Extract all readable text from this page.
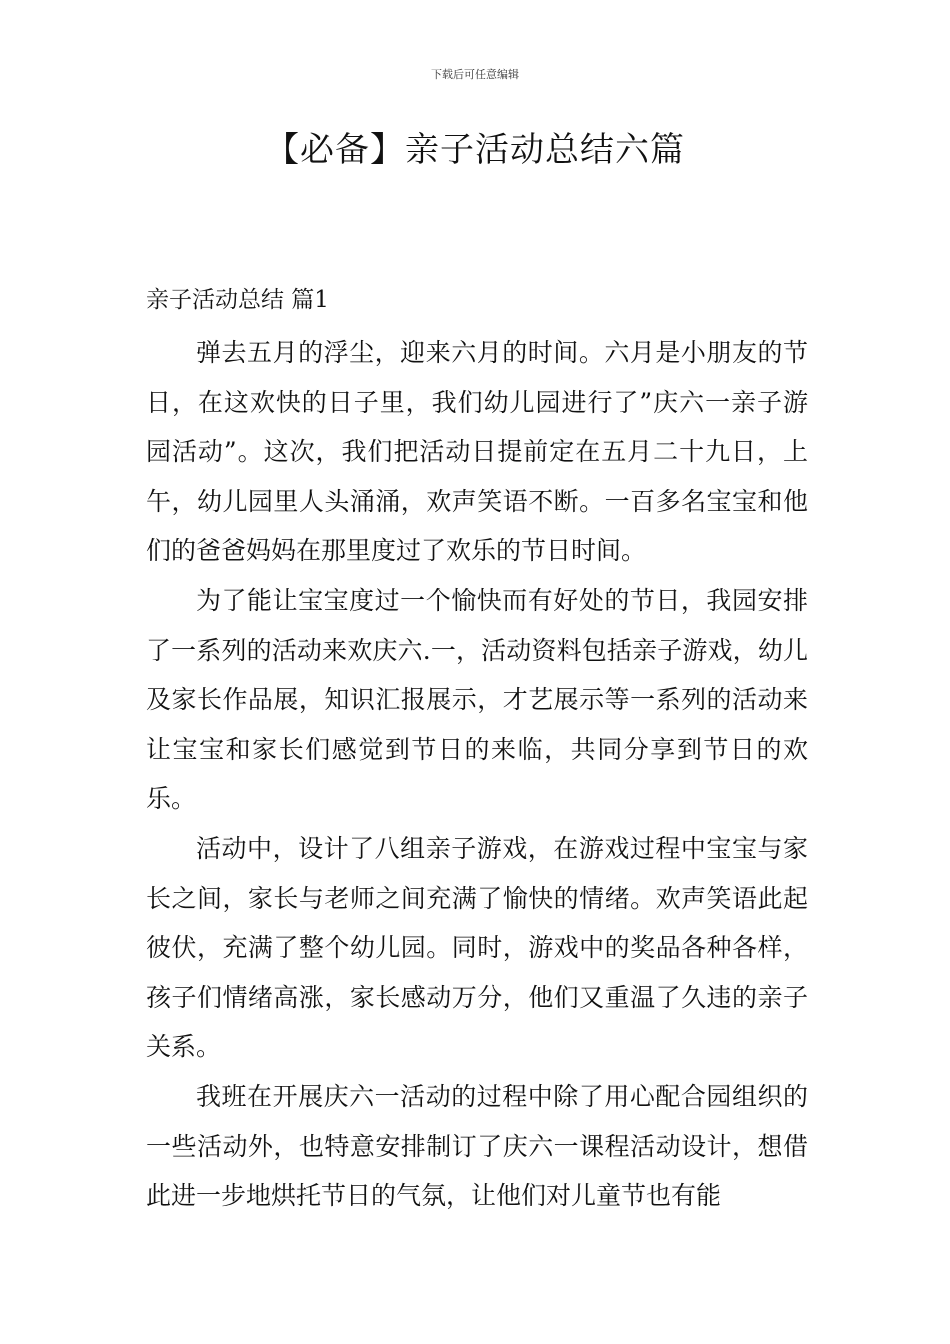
下载后可任意编辑
【必备】亲子活动总结六篇
亲子活动总结 篇1

弹去五月的浮尘，迎来六月的时间。六月是小朋友的节日，在这欢快的日子里，我们幼儿园进行了”庆六一亲子游园活动”。这次，我们把活动日提前定在五月二十九日，上午，幼儿园里人头涌涌，欢声笑语不断。一百多名宝宝和他们的爸爸妈妈在那里度过了欢乐的节日时间。

为了能让宝宝度过一个愉快而有好处的节日，我园安排了一系列的活动来欢庆六.一，活动资料包括亲子游戏，幼儿及家长作品展，知识汇报展示，才艺展示等一系列的活动来让宝宝和家长们感觉到节日的来临，共同分享到节日的欢乐。

活动中，设计了八组亲子游戏，在游戏过程中宝宝与家长之间，家长与老师之间充满了愉快的情绪。欢声笑语此起彼伏，充满了整个幼儿园。同时，游戏中的奖品各种各样，孩子们情绪高涨，家长感动万分，他们又重温了久违的亲子关系。

我班在开展庆六一活动的过程中除了用心配合园组织的一些活动外，也特意安排制订了庆六一课程活动设计，想借此进一步地烘托节日的气氛，让他们对儿童节也有能
